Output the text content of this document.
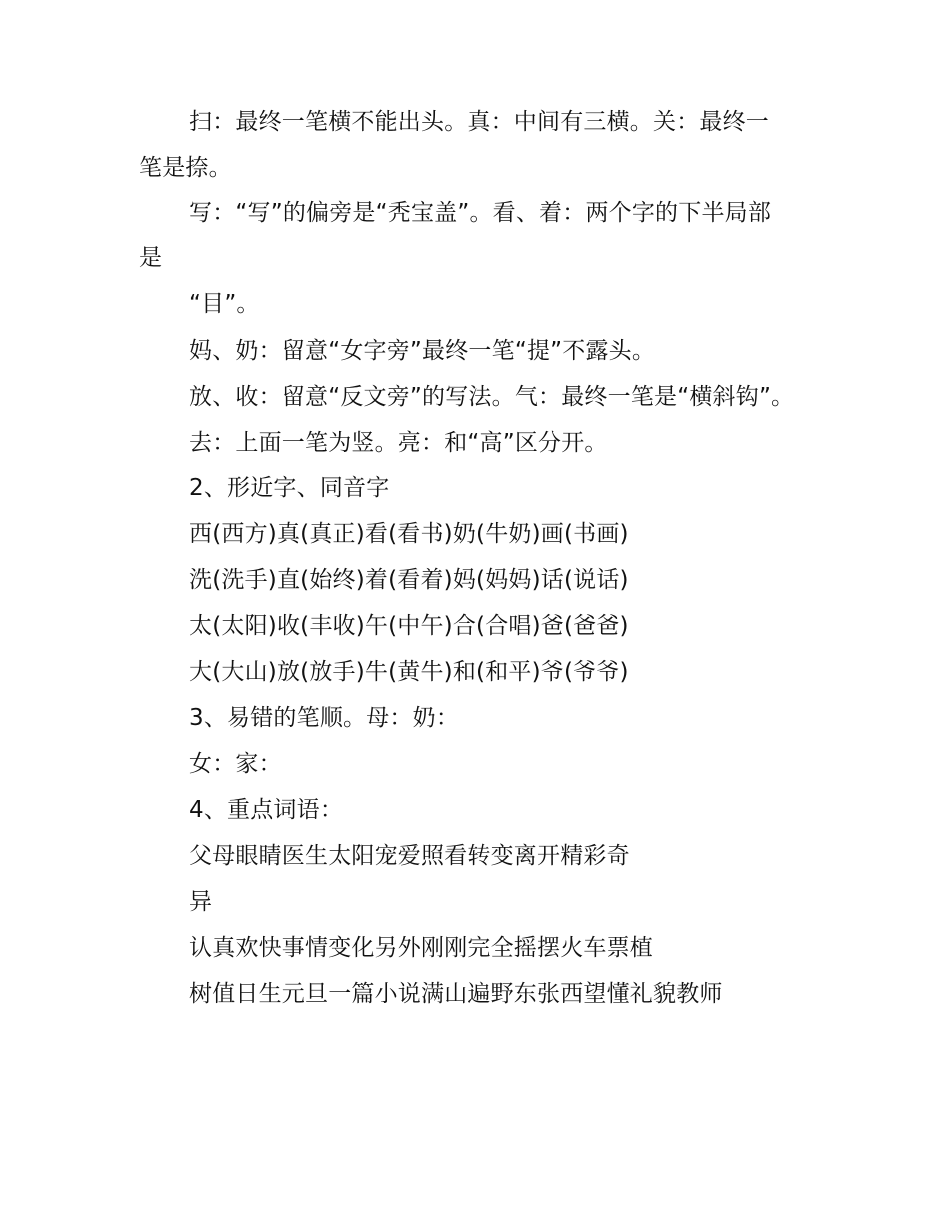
扫：最终一笔横不能出头。真：中间有三横。关：最终一
笔是捺。
写：“写”的偏旁是“秃宝盖”。看、着：两个字的下半局部
是
“目”。
妈、奶：留意“女字旁”最终一笔“提”不露头。
放、收：留意“反文旁”的写法。气：最终一笔是“横斜钩”。
去：上面一笔为竖。亮：和“高”区分开。
2、形近字、同音字
西(西方)真(真正)看(看书)奶(牛奶)画(书画)
洗(洗手)直(始终)着(看着)妈(妈妈)话(说话)
太(太阳)收(丰收)午(中午)合(合唱)爸(爸爸)
大(大山)放(放手)牛(黄牛)和(和平)爷(爷爷)
3、易错的笔顺。母：奶：
女：家：
4、重点词语：
父母眼睛医生太阳宠爱照看转变离开精彩奇
异
认真欢快事情变化另外刚刚完全摇摆火车票植
树值日生元旦一篇小说满山遍野东张西望懂礼貌教师
